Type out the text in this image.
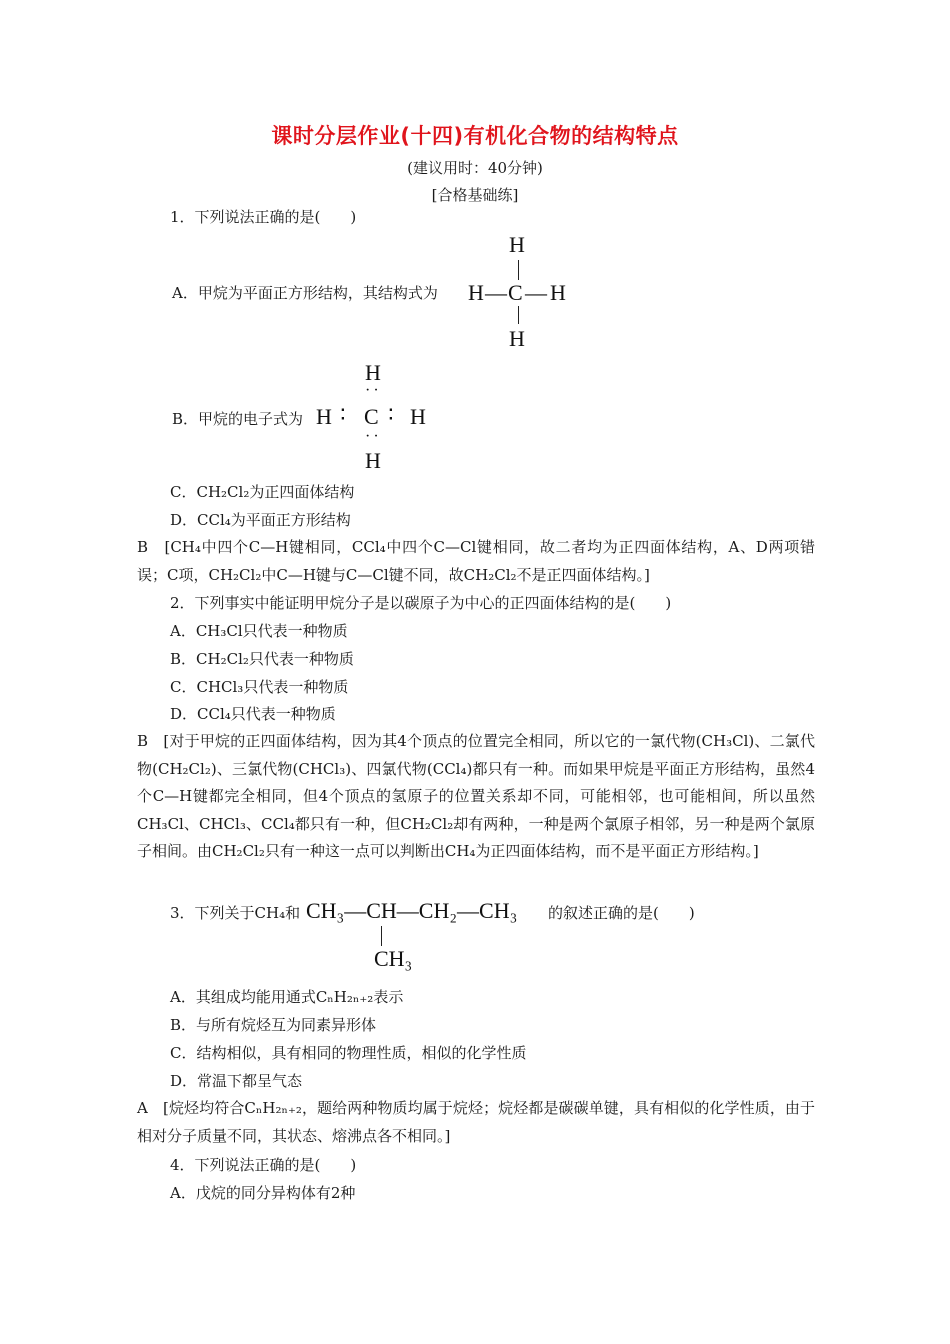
课时分层作业(十四)有机化合物的结构特点
(建议用时：40分钟)
[合格基础练]
1．下列说法正确的是(　　)
A．甲烷为平面正方形结构，其结构式为
H
H — C — H
H
B．甲烷的电子式为
H
··
H ∶ C ∶ H
··
H
C．CH₂Cl₂为正四面体结构
D．CCl₄为平面正方形结构
B　[CH₄中四个C—H键相同，CCl₄中四个C—Cl键相同，故二者均为正四面体结构，A、D两项错误；C项，CH₂Cl₂中C—H键与C—Cl键不同，故CH₂Cl₂不是正四面体结构。]
2．下列事实中能证明甲烷分子是以碳原子为中心的正四面体结构的是(　　)
A．CH₃Cl只代表一种物质
B．CH₂Cl₂只代表一种物质
C．CHCl₃只代表一种物质
D．CCl₄只代表一种物质
B　[对于甲烷的正四面体结构，因为其4个顶点的位置完全相同，所以它的一氯代物(CH₃Cl)、二氯代物(CH₂Cl₂)、三氯代物(CHCl₃)、四氯代物(CCl₄)都只有一种。而如果甲烷是平面正方形结构，虽然4个C—H键都完全相同，但4个顶点的氢原子的位置关系却不同，可能相邻，也可能相间，所以虽然CH₃Cl、CHCl₃、CCl₄都只有一种，但CH₂Cl₂却有两种，一种是两个氯原子相邻，另一种是两个氯原子相间。由CH₂Cl₂只有一种这一点可以判断出CH₄为正四面体结构，而不是平面正方形结构。]
3．下列关于CH₄和 CH₃—CH—CH₂—CH₃
CH₃
的叙述正确的是(　　)
A．其组成均能用通式CₙH₂ₙ₊₂表示
B．与所有烷烃互为同素异形体
C．结构相似，具有相同的物理性质，相似的化学性质
D．常温下都呈气态
A　[烷烃均符合CₙH₂ₙ₊₂，题给两种物质均属于烷烃；烷烃都是碳碳单键，具有相似的化学性质，由于相对分子质量不同，其状态、熔沸点各不相同。]
4．下列说法正确的是(　　)
A．戊烷的同分异构体有2种
